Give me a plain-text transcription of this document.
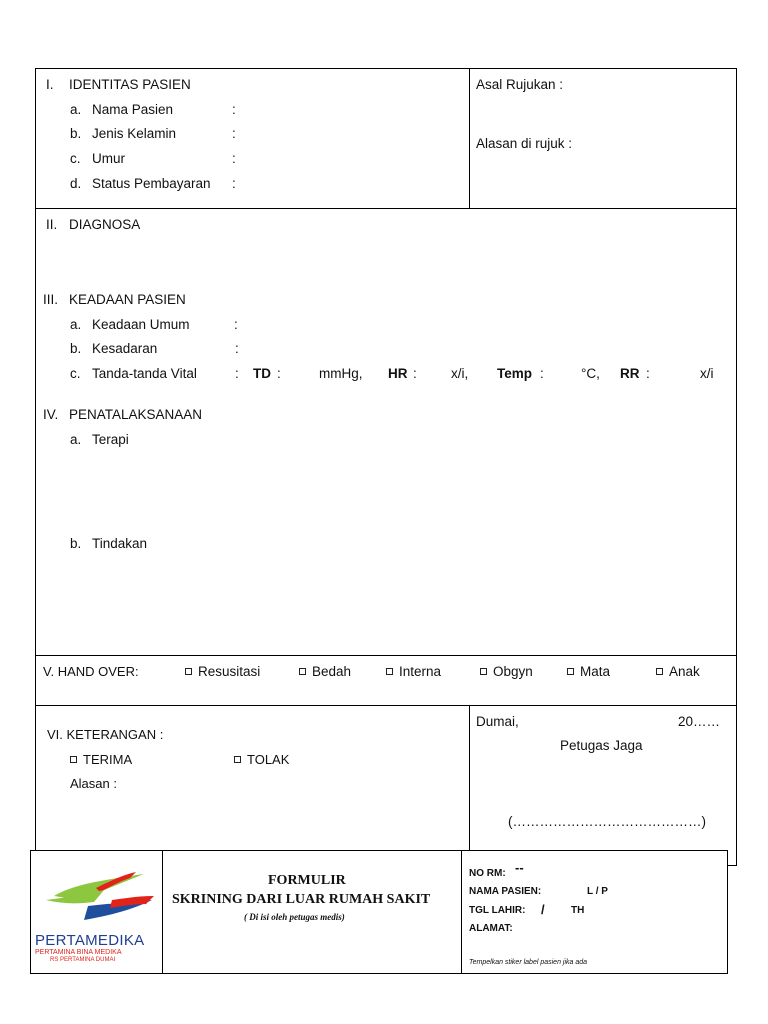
I. IDENTITAS PASIEN
a. Nama Pasien	:
b. Jenis Kelamin	:
c. Umur	:
d. Status Pembayaran :
Asal Rujukan :
Alasan di rujuk :
II. DIAGNOSA
III. KEADAAN PASIEN
a. Keadaan Umum	:
b. Kesadaran	:
c. Tanda-tanda Vital	: TD :	mmHg, HR :	x/i, Temp :	°C, RR :	x/i
IV. PENATALAKSANAAN
a. Terapi
b. Tindakan
V. HAND OVER:	Resusitasi	Bedah	Interna	Obgyn	Mata	Anak
VI. KETERANGAN :
TERIMA	TOLAK
Alasan :
Dumai,	20……
Petugas Jaga
(……………………………………)
PERTAMEDIKA
PERTAMINA BINA MEDIKA
RS PERTAMINA DUMAI
FORMULIR
SKRINING DARI LUAR RUMAH SAKIT
( Di isi oleh petugas medis)
NO RM: --
NAMA PASIEN:	L / P
TGL LAHIR: /	TH
ALAMAT:
Tempelkan stiker label pasien jika ada
